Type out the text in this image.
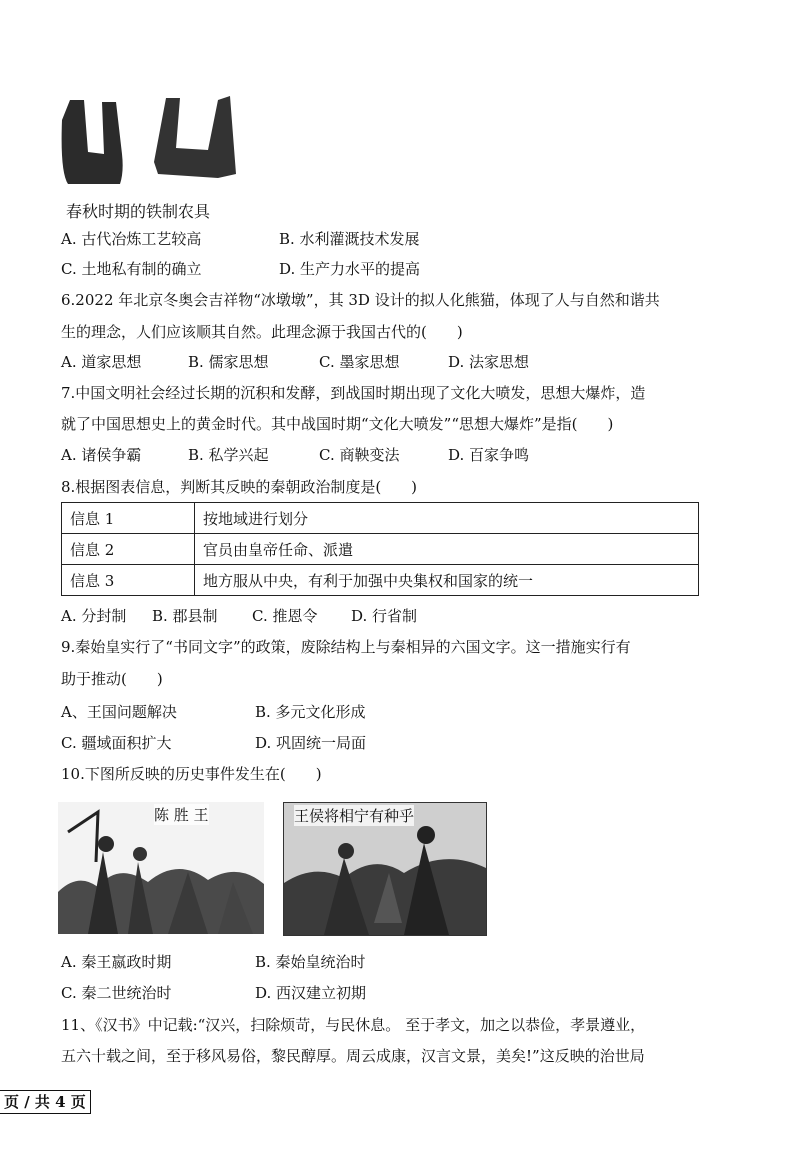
春秋时期的铁制农具
A. 古代冶炼工艺较高	B. 水利灌溉技术发展
C. 土地私有制的确立	D. 生产力水平的提高
6.2022 年北京冬奥会吉祥物“冰墩墩”，其 3D 设计的拟人化熊猫，体现了人与自然和谐共
生的理念，人们应该顺其自然。此理念源于我国古代的(　　)
A. 道家思想	B. 儒家思想	C. 墨家思想	D. 法家思想
7.中国文明社会经过长期的沉积和发酵，到战国时期出现了文化大喷发，思想大爆炸，造
就了中国思想史上的黄金时代。其中战国时期“文化大喷发”“思想大爆炸”是指(　　)
A. 诸侯争霸	B. 私学兴起	C. 商鞅变法	D. 百家争鸣
8.根据图表信息，判断其反映的秦朝政治制度是(　　)
信息 1	按地域进行划分
信息 2	官员由皇帝任命、派遣
信息 3	地方服从中央，有利于加强中央集权和国家的统一
A. 分封制 B. 郡县制 C. 推恩令 D. 行省制
9.秦始皇实行了“书同文字”的政策，废除结构上与秦相异的六国文字。这一措施实行有
助于推动(　　)
A、王国问题解决	B. 多元文化形成
C. 疆域面积扩大	D. 巩固统一局面
10.下图所反映的历史事件发生在(　　)
陈 胜 王	王侯将相宁有种乎
A. 秦王嬴政时期	B. 秦始皇统治时
C. 秦二世统治时	D. 西汉建立初期
11、《汉书》中记载:“汉兴，扫除烦苛，与民休息。 至于孝文，加之以恭俭，孝景遵业，
五六十载之间，至于移风易俗，黎民醇厚。周云成康，汉言文景，美矣!”这反映的治世局
页 / 共 4 页
